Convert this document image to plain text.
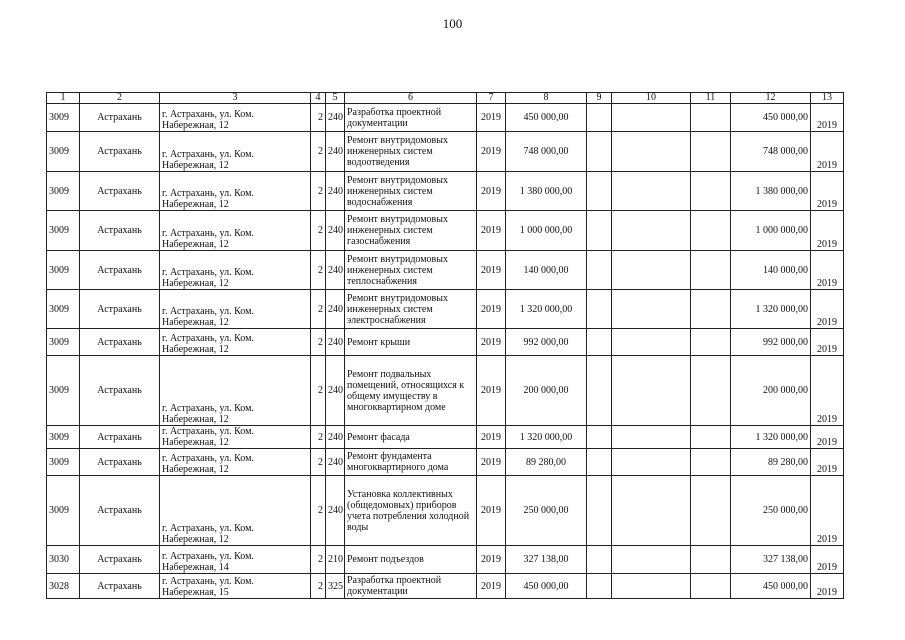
100
1	2	3	4	5	6	7	8	9	10	11	12	13
3009	Астрахань	г. Астрахань, ул. Ком. Набережная, 12	2	240	Разработка проектной документации	2019	450 000,00				450 000,00	2019
3009	Астрахань	г. Астрахань, ул. Ком. Набережная, 12	2	240	Ремонт внутридомовых инженерных систем водоотведения	2019	748 000,00				748 000,00	2019
3009	Астрахань	г. Астрахань, ул. Ком. Набережная, 12	2	240	Ремонт внутридомовых инженерных систем водоснабжения	2019	1 380 000,00				1 380 000,00	2019
3009	Астрахань	г. Астрахань, ул. Ком. Набережная, 12	2	240	Ремонт внутридомовых инженерных систем газоснабжения	2019	1 000 000,00				1 000 000,00	2019
3009	Астрахань	г. Астрахань, ул. Ком. Набережная, 12	2	240	Ремонт внутридомовых инженерных систем теплоснабжения	2019	140 000,00				140 000,00	2019
3009	Астрахань	г. Астрахань, ул. Ком. Набережная, 12	2	240	Ремонт внутридомовых инженерных систем электроснабжения	2019	1 320 000,00				1 320 000,00	2019
3009	Астрахань	г. Астрахань, ул. Ком. Набережная, 12	2	240	Ремонт крыши	2019	992 000,00				992 000,00	2019
3009	Астрахань	г. Астрахань, ул. Ком. Набережная, 12	2	240	Ремонт подвальных помещений, относящихся к общему имуществу в многоквартирном доме	2019	200 000,00				200 000,00	2019
3009	Астрахань	г. Астрахань, ул. Ком. Набережная, 12	2	240	Ремонт фасада	2019	1 320 000,00				1 320 000,00	2019
3009	Астрахань	г. Астрахань, ул. Ком. Набережная, 12	2	240	Ремонт фундамента многоквартирного дома	2019	89 280,00				89 280,00	2019
3009	Астрахань	г. Астрахань, ул. Ком. Набережная, 12	2	240	Установка коллективных (общедомовых) приборов учета потребления холодной воды	2019	250 000,00				250 000,00	2019
3030	Астрахань	г. Астрахань, ул. Ком. Набережная, 14	2	210	Ремонт подъездов	2019	327 138,00				327 138,00	2019
3028	Астрахань	г. Астрахань, ул. Ком. Набережная, 15	2	325	Разработка проектной документации	2019	450 000,00				450 000,00	2019
